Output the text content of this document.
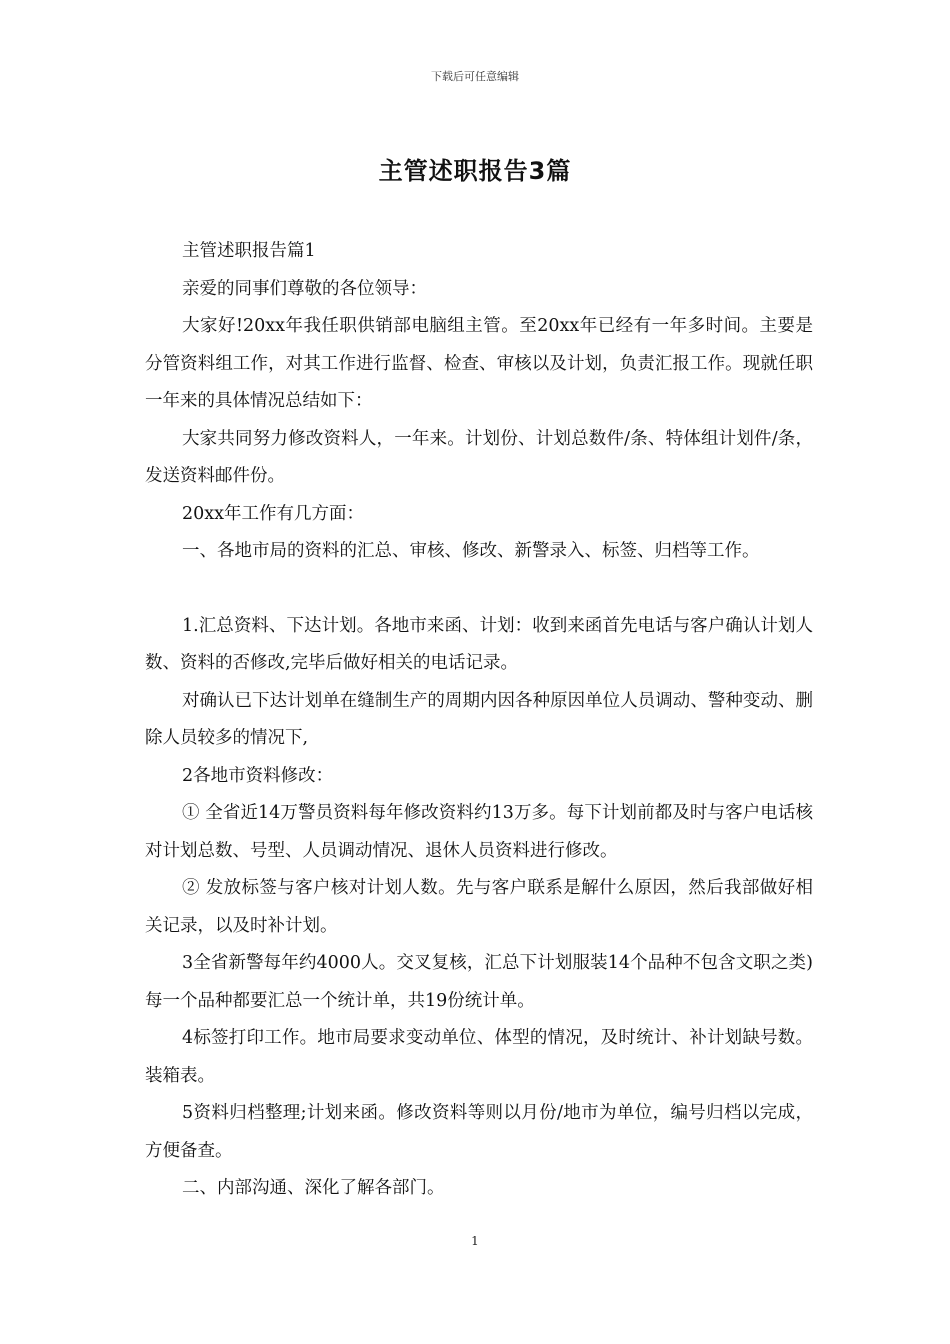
下载后可任意编辑
主管述职报告3篇

主管述职报告篇1

亲爱的同事们尊敬的各位领导：

大家好!20xx年我任职供销部电脑组主管。至20xx年已经有一年多时间。主要是分管资料组工作，对其工作进行监督、检查、审核以及计划，负责汇报工作。现就任职一年来的具体情况总结如下：

大家共同努力修改资料人，一年来。计划份、计划总数件/条、特体组计划件/条，发送资料邮件份。

20xx年工作有几方面：

一、各地市局的资料的汇总、审核、修改、新警录入、标签、归档等工作。

1.汇总资料、下达计划。各地市来函、计划：收到来函首先电话与客户确认计划人数、资料的否修改,完毕后做好相关的电话记录。

对确认已下达计划单在缝制生产的周期内因各种原因单位人员调动、警种变动、删除人员较多的情况下,

2各地市资料修改：

① 全省近14万警员资料每年修改资料约13万多。每下计划前都及时与客户电话核对计划总数、号型、人员调动情况、退休人员资料进行修改。

② 发放标签与客户核对计划人数。先与客户联系是解什么原因，然后我部做好相关记录，以及时补计划。

3全省新警每年约4000人。交叉复核，汇总下计划服装14个品种不包含文职之类)每一个品种都要汇总一个统计单，共19份统计单。

4标签打印工作。地市局要求变动单位、体型的情况，及时统计、补计划缺号数。装箱表。

5资料归档整理;计划来函。修改资料等则以月份/地市为单位，编号归档以完成，方便备查。

二、内部沟通、深化了解各部门。

1
